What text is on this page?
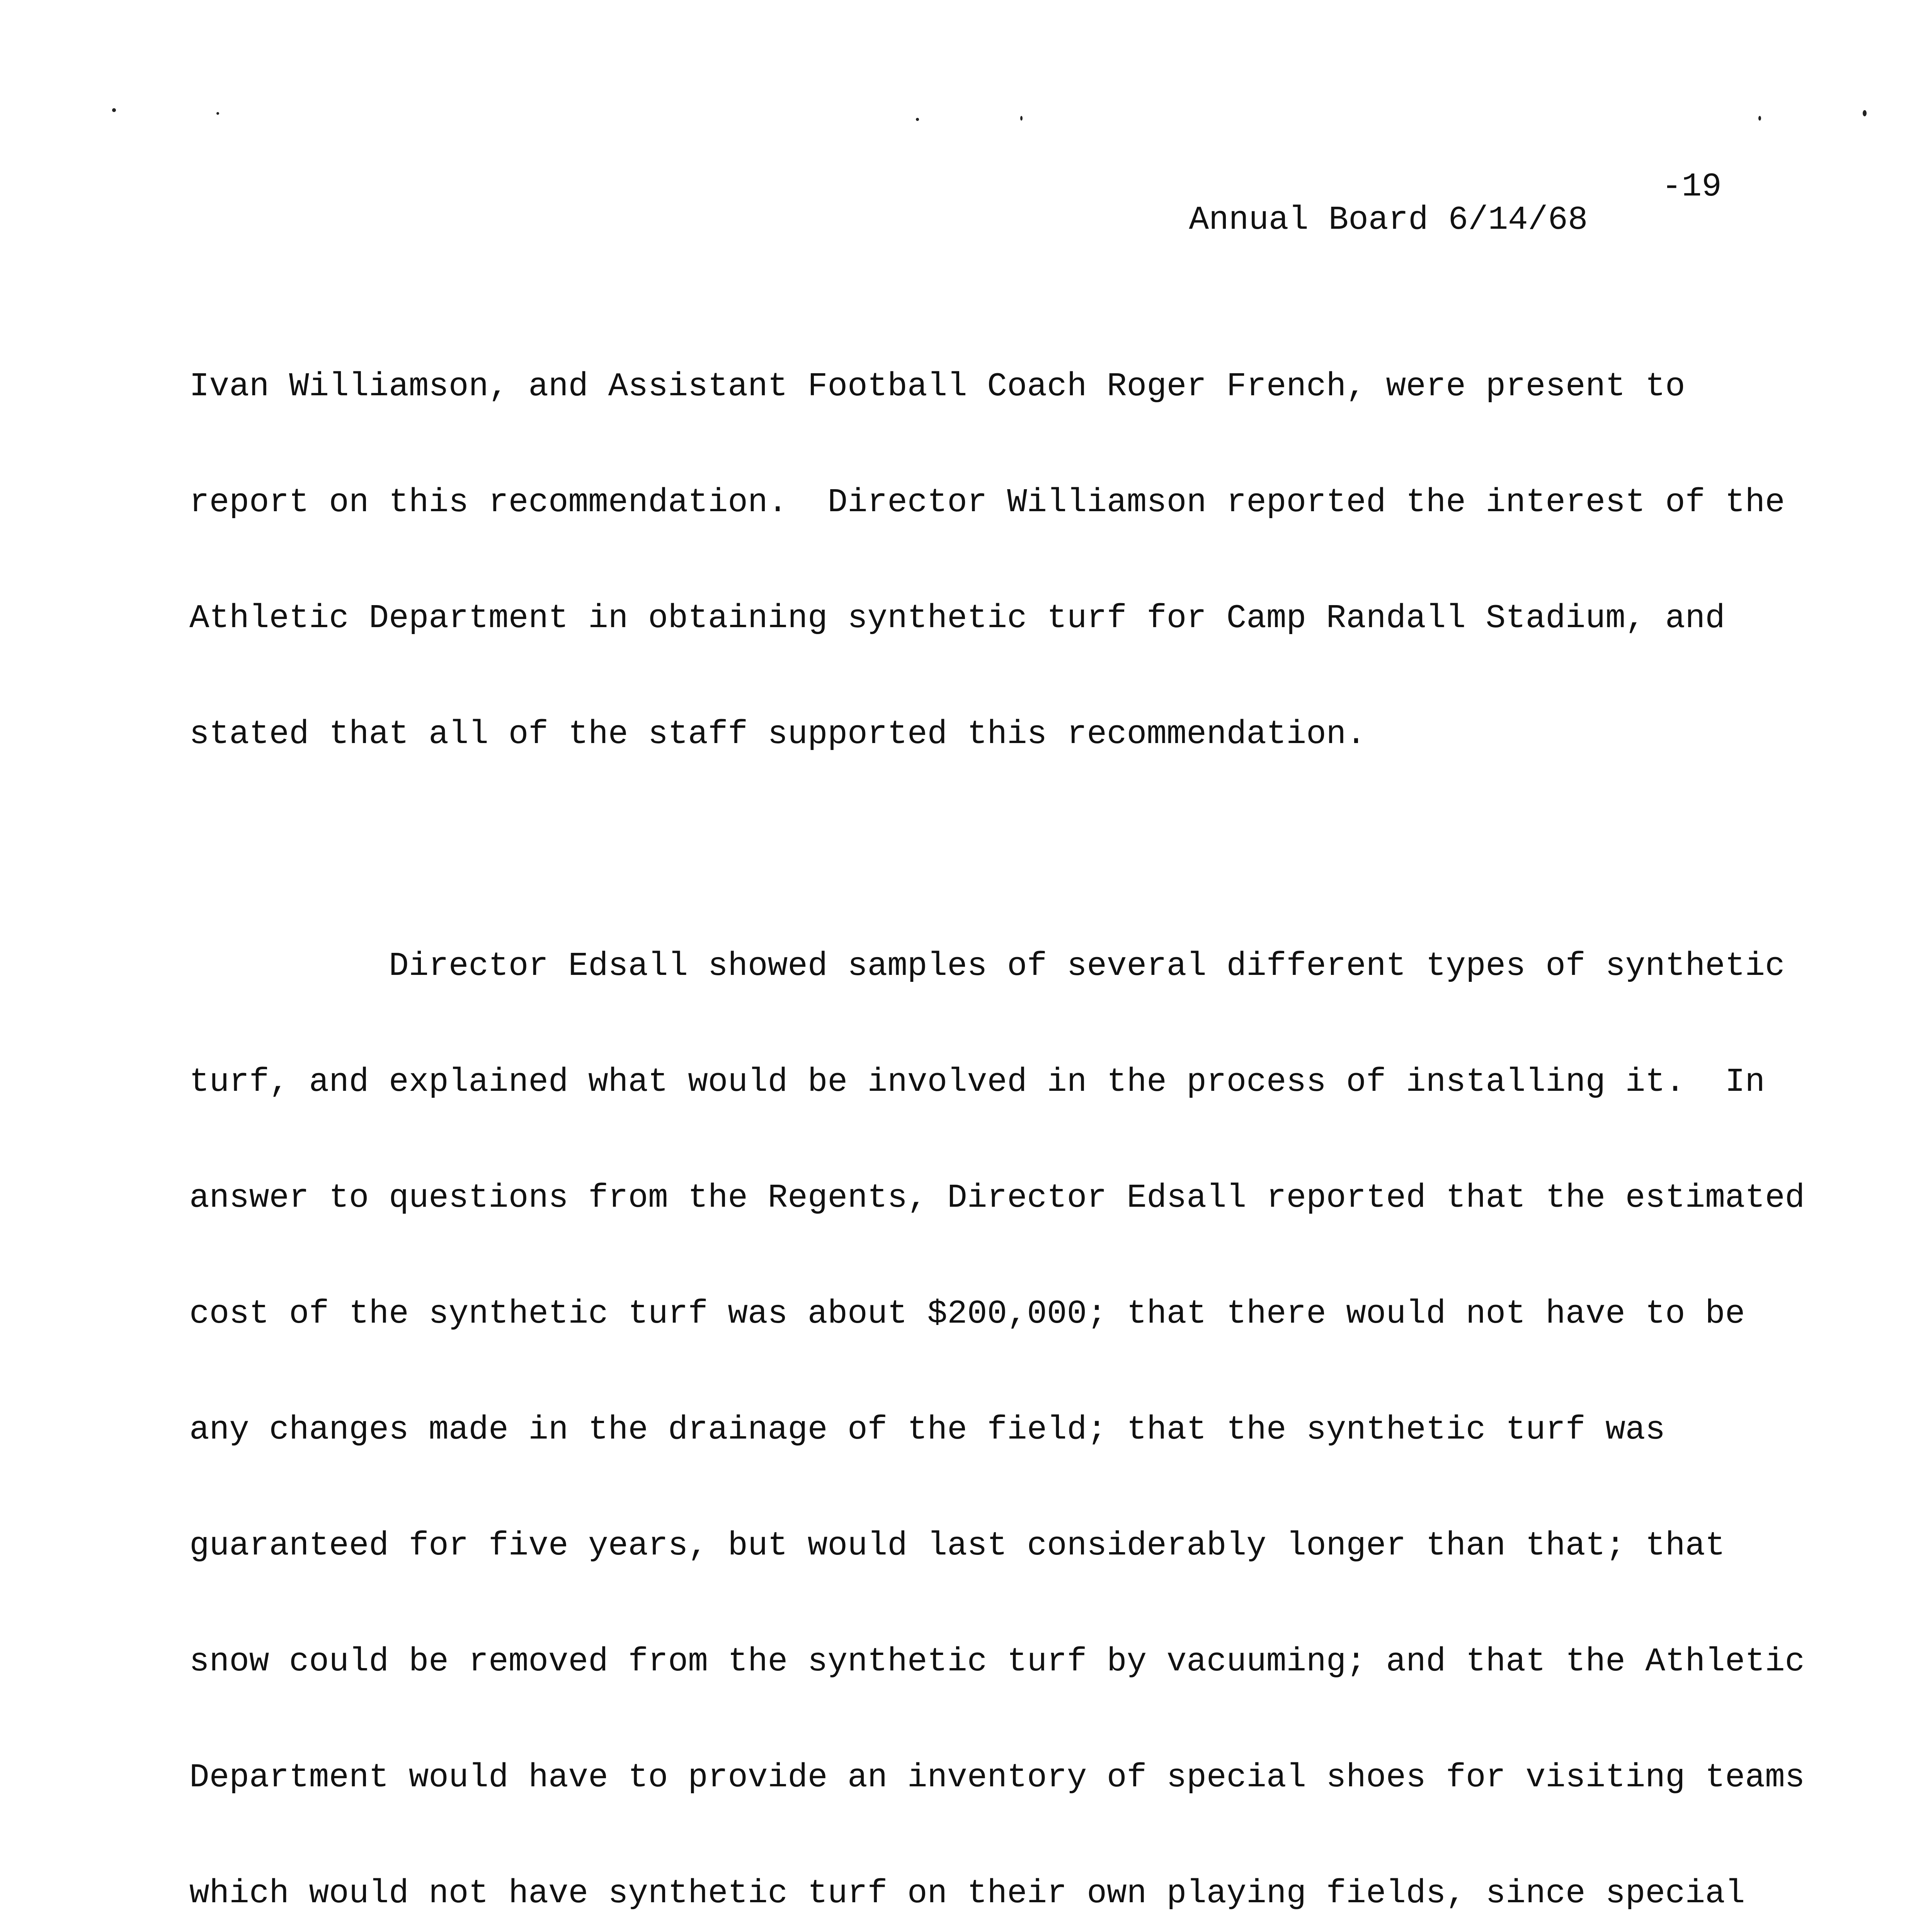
Annual Board 6/14/68

-19

Ivan Williamson, and Assistant Football Coach Roger French, were present to

report on this recommendation.  Director Williamson reported the interest of the

Athletic Department in obtaining synthetic turf for Camp Randall Stadium, and

stated that all of the staff supported this recommendation.

Director Edsall showed samples of several different types of synthetic

turf, and explained what would be involved in the process of installing it.  In

answer to questions from the Regents, Director Edsall reported that the estimated

cost of the synthetic turf was about $200,000; that there would not have to be

any changes made in the drainage of the field; that the synthetic turf was

guaranteed for five years, but would last considerably longer than that; that

snow could be removed from the synthetic turf by vacuuming; and that the Athletic

Department would have to provide an inventory of special shoes for visiting teams

which would not have synthetic turf on their own playing fields, since special
